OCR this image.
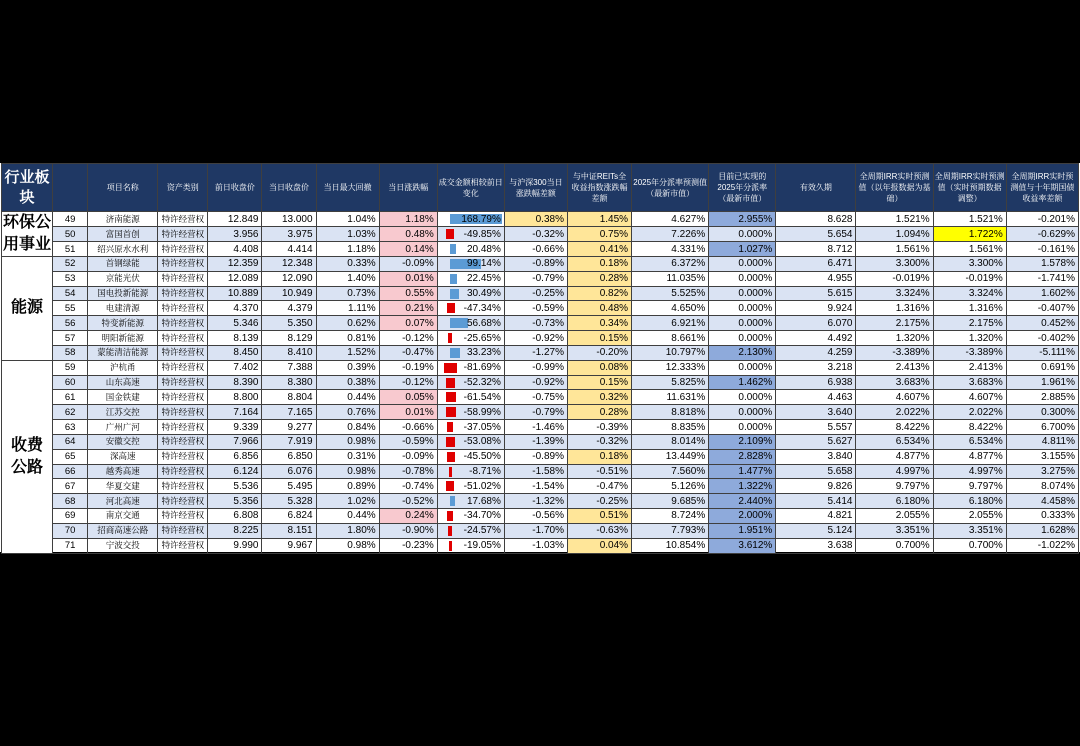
行业板块		项目名称	资产类别	前日收盘价	当日收盘价	当日最大回撤	当日涨跌幅	成交金额相较前日变化	与沪深300当日涨跌幅差额	与中证REITs全收益指数涨跌幅差额	2025年分派率预测值（最新市值）	目前已实现的2025年分派率（最新市值）	有效久期	全周期IRR实时预测值（以年报数据为基础）	全周期IRR实时预测值（实时预期数据调整）	全周期IRR实时预测值与十年期国债收益率差额
环保公用事业	49	济南能源	特许经营权	12.849	13.000	1.04%	1.18%	168.79%	0.38%	1.45%	4.627%	2.955%	8.628	1.521%	1.521%	-0.201%
	50	富国首创	特许经营权	3.956	3.975	1.03%	0.48%	-49.85%	-0.32%	0.75%	7.226%	0.000%	5.654	1.094%	1.722%	-0.629%
	51	绍兴原水水利	特许经营权	4.408	4.414	1.18%	0.14%	20.48%	-0.66%	0.41%	4.331%	1.027%	8.712	1.561%	1.561%	-0.161%
能源	52	首钢绿能	特许经营权	12.359	12.348	0.33%	-0.09%	99.14%	-0.89%	0.18%	6.372%	0.000%	6.471	3.300%	3.300%	1.578%
	53	京能光伏	特许经营权	12.089	12.090	1.40%	0.01%	22.45%	-0.79%	0.28%	11.035%	0.000%	4.955	-0.019%	-0.019%	-1.741%
	54	国电投新能源	特许经营权	10.889	10.949	0.73%	0.55%	30.49%	-0.25%	0.82%	5.525%	0.000%	5.615	3.324%	3.324%	1.602%
	55	电建清源	特许经营权	4.370	4.379	1.11%	0.21%	-47.34%	-0.59%	0.48%	4.650%	0.000%	9.924	1.316%	1.316%	-0.407%
	56	特变新能源	特许经营权	5.346	5.350	0.62%	0.07%	56.68%	-0.73%	0.34%	6.921%	0.000%	6.070	2.175%	2.175%	0.452%
	57	明阳新能源	特许经营权	8.139	8.129	0.81%	-0.12%	-25.65%	-0.92%	0.15%	8.661%	0.000%	4.492	1.320%	1.320%	-0.402%
	58	蒙能清洁能源	特许经营权	8.450	8.410	1.52%	-0.47%	33.23%	-1.27%	-0.20%	10.797%	2.130%	4.259	-3.389%	-3.389%	-5.111%
收费公路	59	沪杭甬	特许经营权	7.402	7.388	0.39%	-0.19%	-81.69%	-0.99%	0.08%	12.333%	0.000%	3.218	2.413%	2.413%	0.691%
	60	山东高速	特许经营权	8.390	8.380	0.38%	-0.12%	-52.32%	-0.92%	0.15%	5.825%	1.462%	6.938	3.683%	3.683%	1.961%
	61	国金铁建	特许经营权	8.800	8.804	0.44%	0.05%	-61.54%	-0.75%	0.32%	11.631%	0.000%	4.463	4.607%	4.607%	2.885%
	62	江苏交控	特许经营权	7.164	7.165	0.76%	0.01%	-58.99%	-0.79%	0.28%	8.818%	0.000%	3.640	2.022%	2.022%	0.300%
	63	广州广河	特许经营权	9.339	9.277	0.84%	-0.66%	-37.05%	-1.46%	-0.39%	8.835%	0.000%	5.557	8.422%	8.422%	6.700%
	64	安徽交控	特许经营权	7.966	7.919	0.98%	-0.59%	-53.08%	-1.39%	-0.32%	8.014%	2.109%	5.627	6.534%	6.534%	4.811%
	65	深高速	特许经营权	6.856	6.850	0.31%	-0.09%	-45.50%	-0.89%	0.18%	13.449%	2.828%	3.840	4.877%	4.877%	3.155%
	66	越秀高速	特许经营权	6.124	6.076	0.98%	-0.78%	-8.71%	-1.58%	-0.51%	7.560%	1.477%	5.658	4.997%	4.997%	3.275%
	67	华夏交建	特许经营权	5.536	5.495	0.89%	-0.74%	-51.02%	-1.54%	-0.47%	5.126%	1.322%	9.826	9.797%	9.797%	8.074%
	68	河北高速	特许经营权	5.356	5.328	1.02%	-0.52%	17.68%	-1.32%	-0.25%	9.685%	2.440%	5.414	6.180%	6.180%	4.458%
	69	南京交通	特许经营权	6.808	6.824	0.44%	0.24%	-34.70%	-0.56%	0.51%	8.724%	2.000%	4.821	2.055%	2.055%	0.333%
	70	招商高速公路	特许经营权	8.225	8.151	1.80%	-0.90%	-24.57%	-1.70%	-0.63%	7.793%	1.951%	5.124	3.351%	3.351%	1.628%
	71	宁波交投	特许经营权	9.990	9.967	0.98%	-0.23%	-19.05%	-1.03%	0.04%	10.854%	3.612%	3.638	0.700%	0.700%	-1.022%
